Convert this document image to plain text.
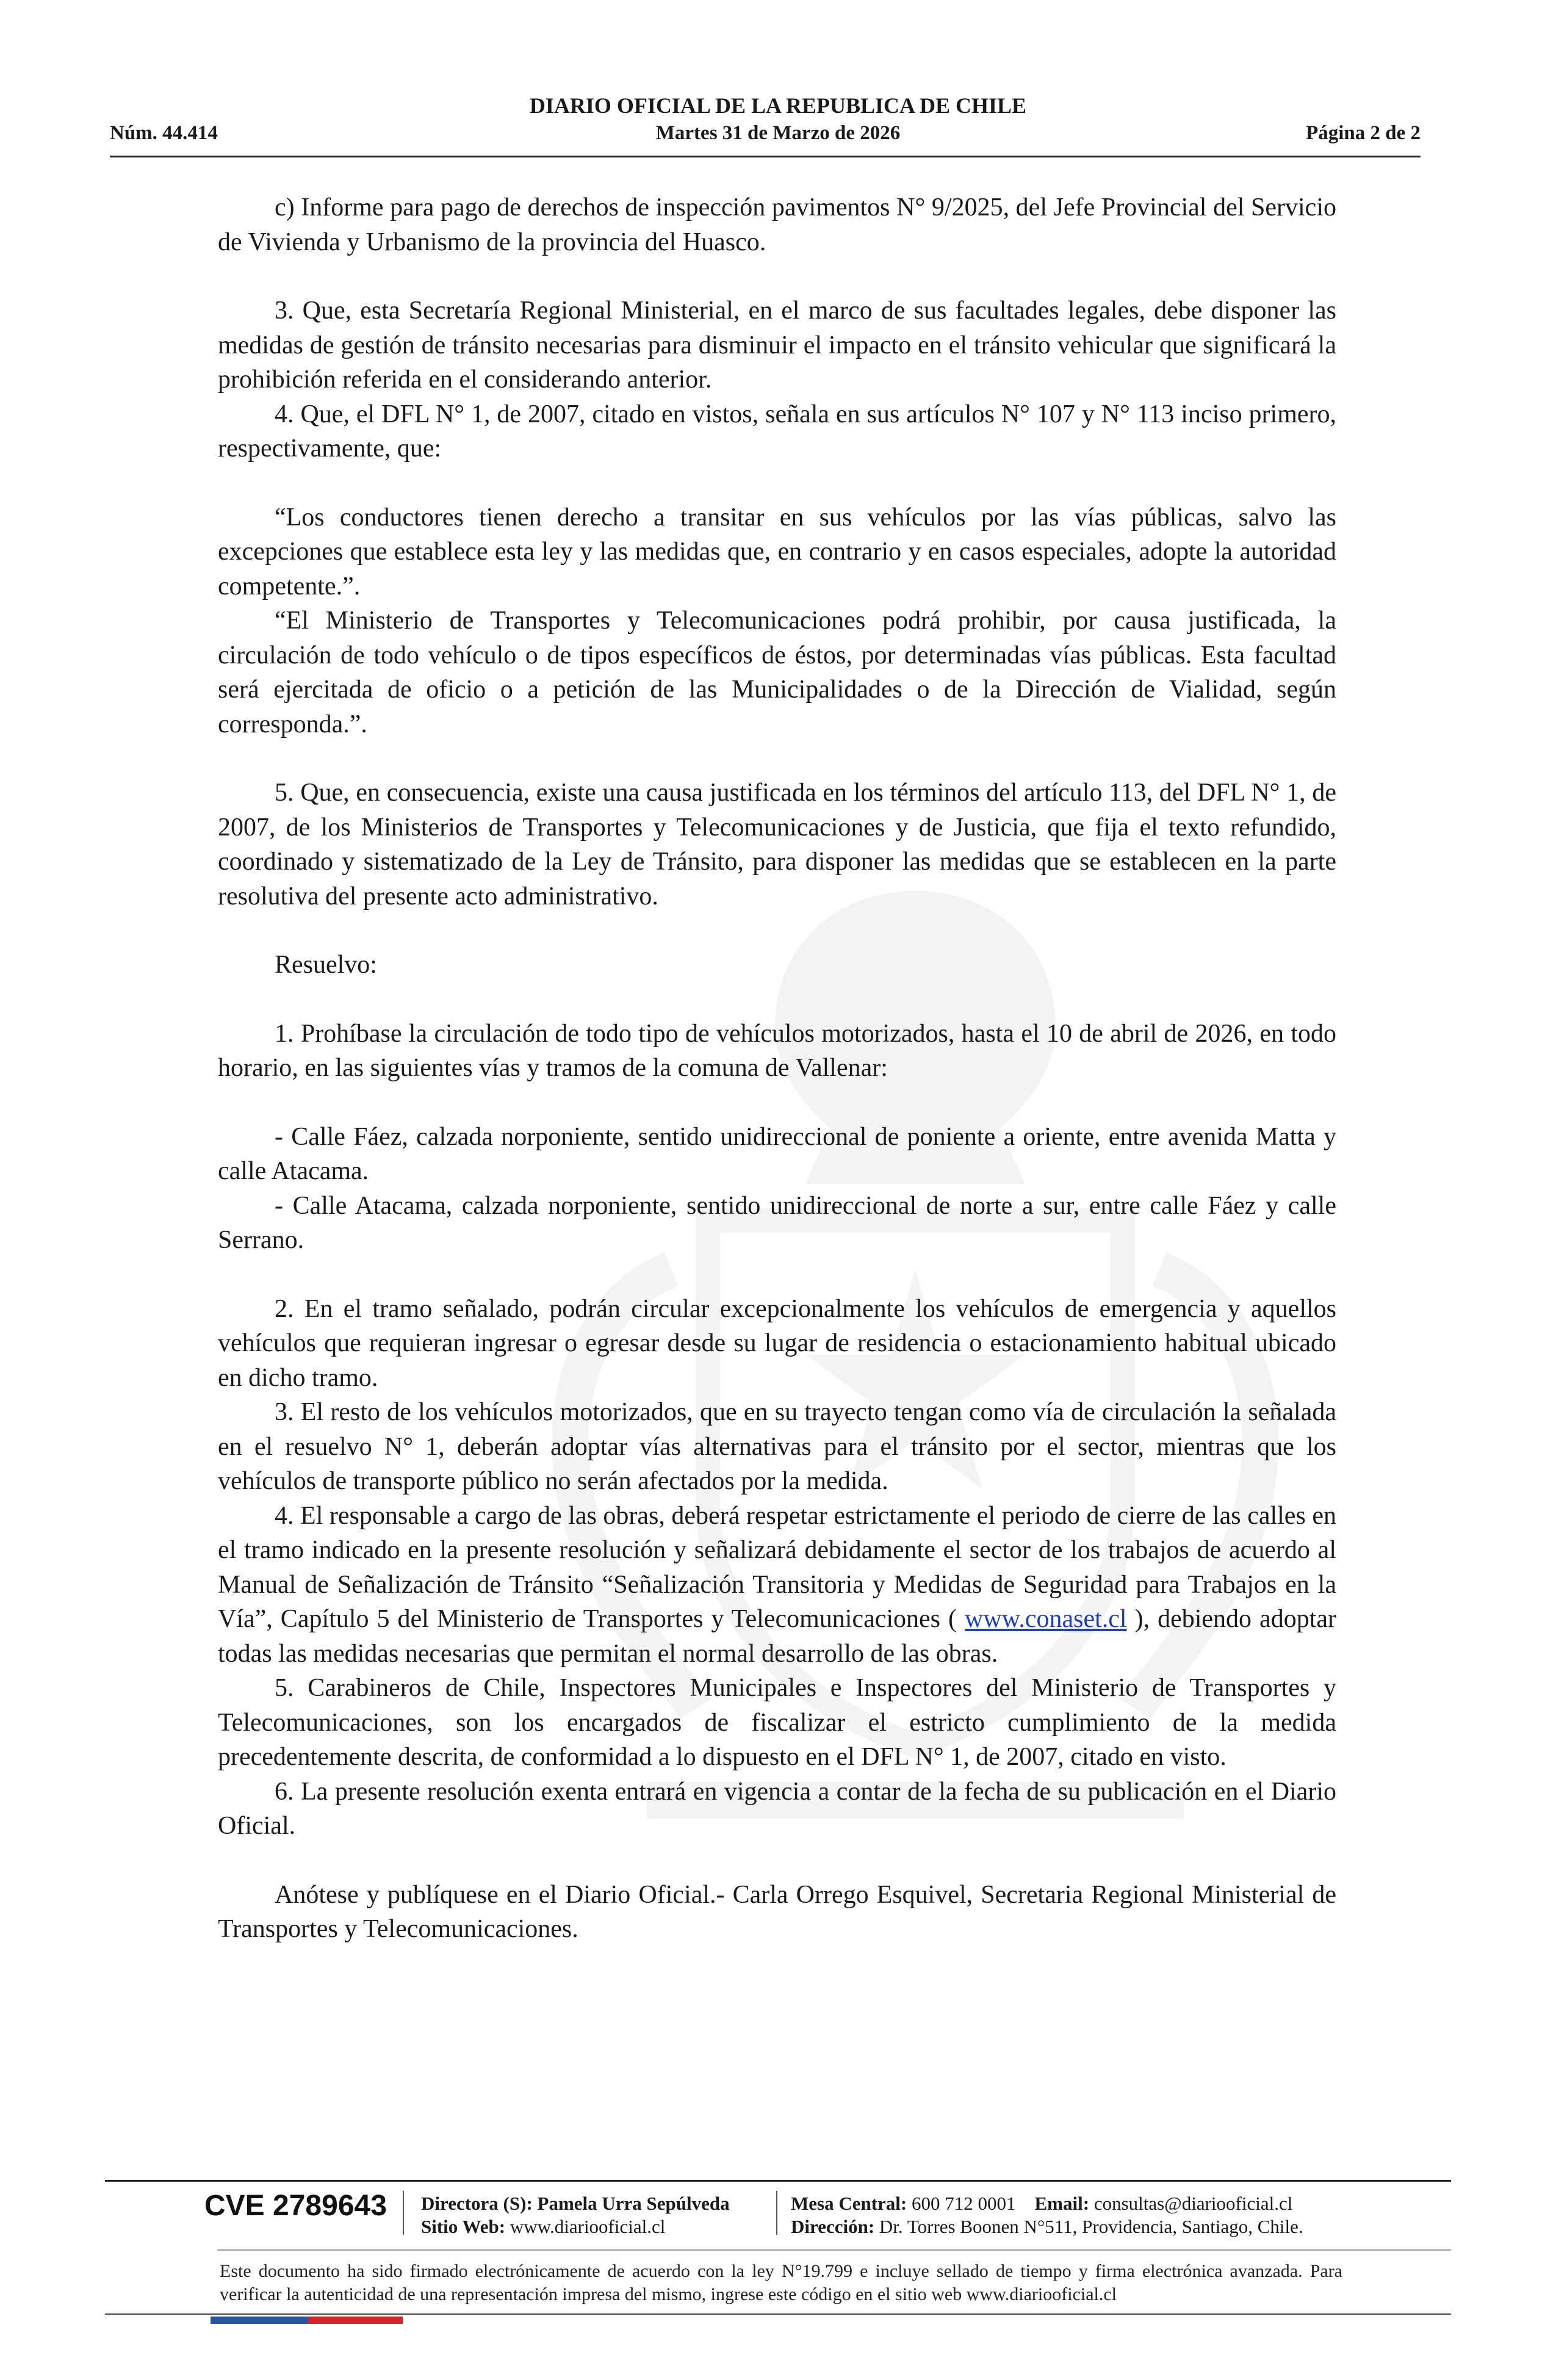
DIARIO OFICIAL DE LA REPUBLICA DE CHILE
Núm. 44.414	Martes 31 de Marzo de 2026	Página 2 de 2

c) Informe para pago de derechos de inspección pavimentos N° 9/2025, del Jefe Provincial del Servicio de Vivienda y Urbanismo de la provincia del Huasco.

3. Que, esta Secretaría Regional Ministerial, en el marco de sus facultades legales, debe disponer las medidas de gestión de tránsito necesarias para disminuir el impacto en el tránsito vehicular que significará la prohibición referida en el considerando anterior.

4. Que, el DFL N° 1, de 2007, citado en vistos, señala en sus artículos N° 107 y N° 113 inciso primero, respectivamente, que:

“Los conductores tienen derecho a transitar en sus vehículos por las vías públicas, salvo las excepciones que establece esta ley y las medidas que, en contrario y en casos especiales, adopte la autoridad competente.”.

“El Ministerio de Transportes y Telecomunicaciones podrá prohibir, por causa justificada, la circulación de todo vehículo o de tipos específicos de éstos, por determinadas vías públicas. Esta facultad será ejercitada de oficio o a petición de las Municipalidades o de la Dirección de Vialidad, según corresponda.”.

5. Que, en consecuencia, existe una causa justificada en los términos del artículo 113, del DFL N° 1, de 2007, de los Ministerios de Transportes y Telecomunicaciones y de Justicia, que fija el texto refundido, coordinado y sistematizado de la Ley de Tránsito, para disponer las medidas que se establecen en la parte resolutiva del presente acto administrativo.

Resuelvo:

1. Prohíbase la circulación de todo tipo de vehículos motorizados, hasta el 10 de abril de 2026, en todo horario, en las siguientes vías y tramos de la comuna de Vallenar:

- Calle Fáez, calzada norponiente, sentido unidireccional de poniente a oriente, entre avenida Matta y calle Atacama.

- Calle Atacama, calzada norponiente, sentido unidireccional de norte a sur, entre calle Fáez y calle Serrano.

2. En el tramo señalado, podrán circular excepcionalmente los vehículos de emergencia y aquellos vehículos que requieran ingresar o egresar desde su lugar de residencia o estacionamiento habitual ubicado en dicho tramo.

3. El resto de los vehículos motorizados, que en su trayecto tengan como vía de circulación la señalada en el resuelvo N° 1, deberán adoptar vías alternativas para el tránsito por el sector, mientras que los vehículos de transporte público no serán afectados por la medida.

4. El responsable a cargo de las obras, deberá respetar estrictamente el periodo de cierre de las calles en el tramo indicado en la presente resolución y señalizará debidamente el sector de los trabajos de acuerdo al Manual de Señalización de Tránsito “Señalización Transitoria y Medidas de Seguridad para Trabajos en la Vía”, Capítulo 5 del Ministerio de Transportes y Telecomunicaciones ( www.conaset.cl ), debiendo adoptar todas las medidas necesarias que permitan el normal desarrollo de las obras.

5. Carabineros de Chile, Inspectores Municipales e Inspectores del Ministerio de Transportes y Telecomunicaciones, son los encargados de fiscalizar el estricto cumplimiento de la medida precedentemente descrita, de conformidad a lo dispuesto en el DFL N° 1, de 2007, citado en visto.

6. La presente resolución exenta entrará en vigencia a contar de la fecha de su publicación en el Diario Oficial.

Anótese y publíquese en el Diario Oficial.- Carla Orrego Esquivel, Secretaria Regional Ministerial de Transportes y Telecomunicaciones.

CVE 2789643 Directora (S): Pamela Urra Sepúlveda
Sitio Web: www.diariooficial.cl
Mesa Central: 600 712 0001 Email: consultas@diariooficial.cl
Dirección: Dr. Torres Boonen N°511, Providencia, Santiago, Chile.
Este documento ha sido firmado electrónicamente de acuerdo con la ley N°19.799 e incluye sellado de tiempo y firma electrónica avanzada. Para verificar la autenticidad de una representación impresa del mismo, ingrese este código en el sitio web www.diariooficial.cl
